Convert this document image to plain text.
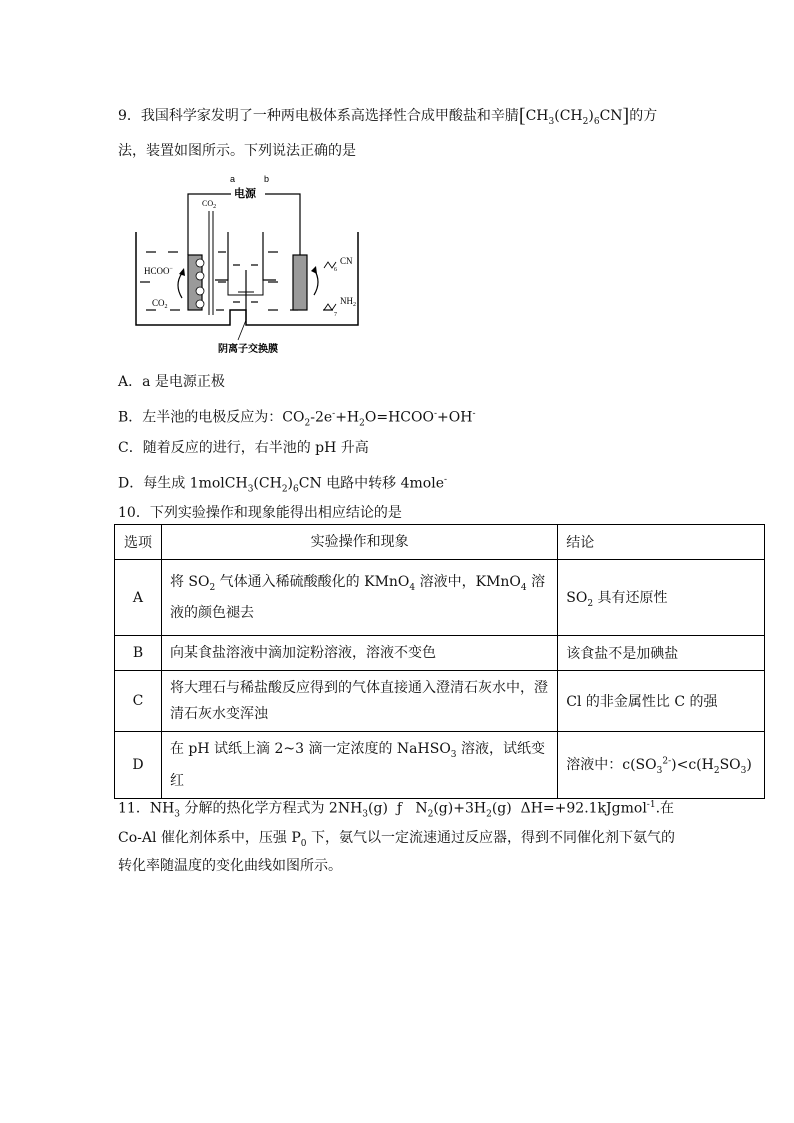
9．我国科学家发明了一种两电极体系高选择性合成甲酸盐和辛腈$[CH_3(CH_2)_6CN]$的方
法，装置如图所示。下列说法正确的是
a	b
电源
$CO_2$
阴离子交换膜
HCOO−
$CO_2$
CN
6
$NH_2$
7
A．a 是电源正极
B．左半池的电极反应为：$CO_2-2e^-+H_2O=HCOO^-+OH^-$
C．随着反应的进行，右半池的 pH 升高
D．每生成 $1molCH_3(CH_2)_6CN$ 电路中转移 4mole-
10．下列实验操作和现象能得出相应结论的是
选项	实验操作和现象	结论
A	将 $SO_2$ 气体通入稀硫酸酸化的 KMnO$_4$ 溶液中，KMnO$_4$ 溶液的颜色褪去	$SO_2$ 具有还原性
B	向某食盐溶液中滴加淀粉溶液，溶液不变色	该食盐不是加碘盐
C	将大理石与稀盐酸反应得到的气体直接通入澄清石灰水中，澄清石灰水变浑浊	Cl 的非金属性比 C 的强
D	在 pH 试纸上滴 2~3 滴一定浓度的 NaHSO$_3$ 溶液，试纸变红	溶液中：$c(SO_3^{2-})<c(H_2SO_3)$
11．$NH_3$ 分解的热化学方程式为 $2NH_3(g)$  ƒ   $N_2(g)+3H_2(g)$  ΔH=+92.1kJgmol$^{-1}$.在
Co-Al 催化剂体系中，压强 $P_0$ 下，氨气以一定流速通过反应器，得到不同催化剂下氨气的
转化率随温度的变化曲线如图所示。
